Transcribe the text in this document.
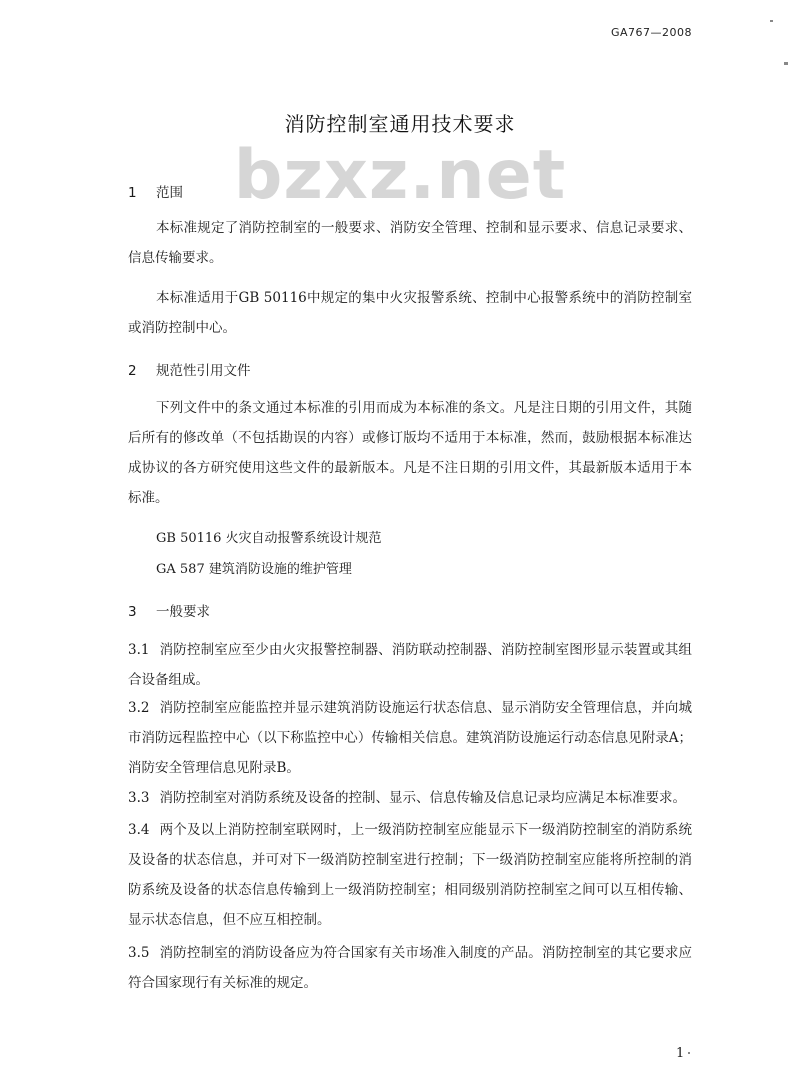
GA767—2008
bzxz.net
消防控制室通用技术要求
1 范围

本标准规定了消防控制室的一般要求、消防安全管理、控制和显示要求、信息记录要求、信息传输要求。

本标准适用于GB 50116中规定的集中火灾报警系统、控制中心报警系统中的消防控制室或消防控制中心。

2 规范性引用文件

下列文件中的条文通过本标准的引用而成为本标准的条文。凡是注日期的引用文件，其随后所有的修改单（不包括勘误的内容）或修订版均不适用于本标准，然而，鼓励根据本标准达成协议的各方研究使用这些文件的最新版本。凡是不注日期的引用文件，其最新版本适用于本标准。

GB 50116 火灾自动报警系统设计规范
GA 587 建筑消防设施的维护管理
3 一般要求

3.1 消防控制室应至少由火灾报警控制器、消防联动控制器、消防控制室图形显示装置或其组合设备组成。

3.2 消防控制室应能监控并显示建筑消防设施运行状态信息、显示消防安全管理信息，并向城市消防远程监控中心（以下称监控中心）传输相关信息。建筑消防设施运行动态信息见附录A；消防安全管理信息见附录B。

3.3 消防控制室对消防系统及设备的控制、显示、信息传输及信息记录均应满足本标准要求。

3.4 两个及以上消防控制室联网时，上一级消防控制室应能显示下一级消防控制室的消防系统及设备的状态信息，并可对下一级消防控制室进行控制；下一级消防控制室应能将所控制的消防系统及设备的状态信息传输到上一级消防控制室；相同级别消防控制室之间可以互相传输、显示状态信息，但不应互相控制。

3.5 消防控制室的消防设备应为符合国家有关市场准入制度的产品。消防控制室的其它要求应符合国家现行有关标准的规定。

1
